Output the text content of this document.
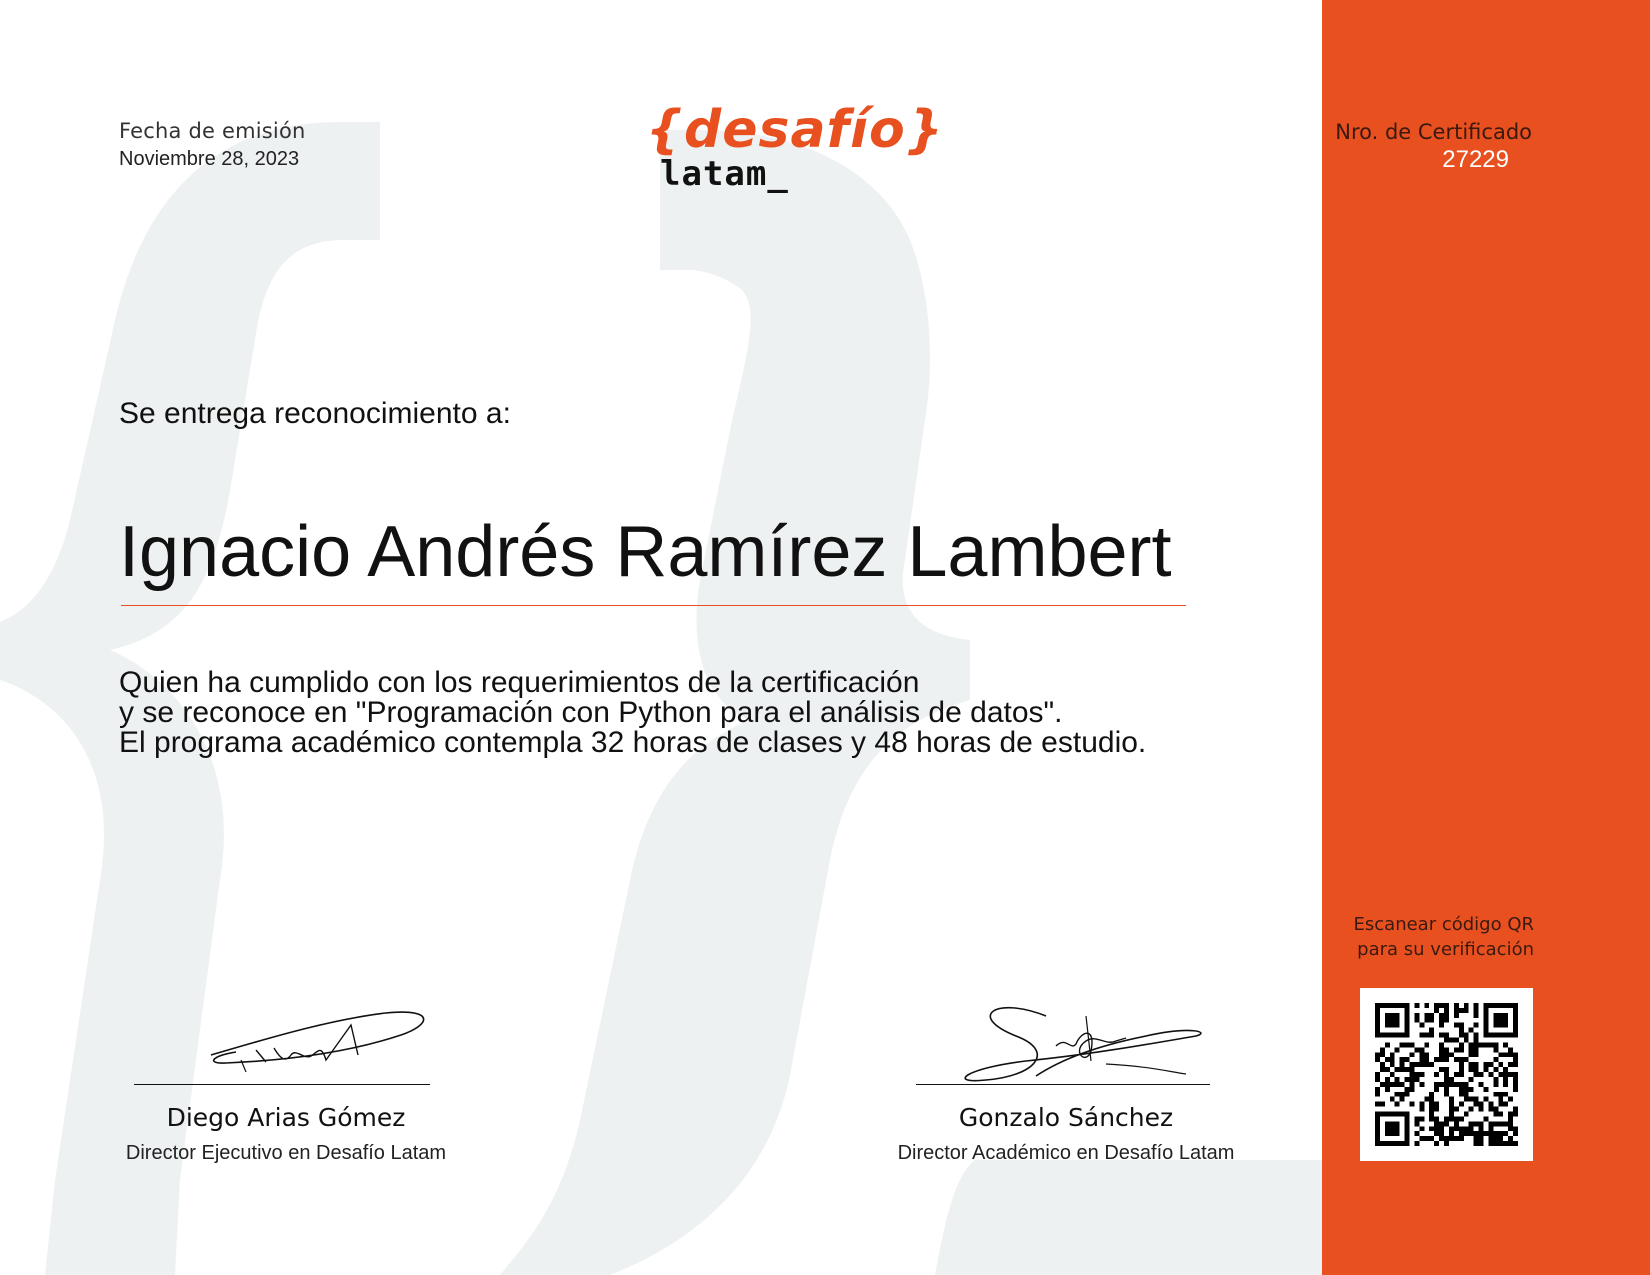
Fecha de emisión
Noviembre 28, 2023	{desafío}
latam_
Nro. de Certificado
27229
Se entrega reconocimiento a:
Ignacio Andrés Ramírez Lambert
Quien ha cumplido con los requerimientos de la certificación
y se reconoce en "Programación con Python para el análisis de datos".
El programa académico contempla 32 horas de clases y 48 horas de estudio.
Diego Arias Gómez
Director Ejecutivo en Desafío Latam
Gonzalo Sánchez
Director Académico en Desafío Latam
Escanear código QR
para su verificación
